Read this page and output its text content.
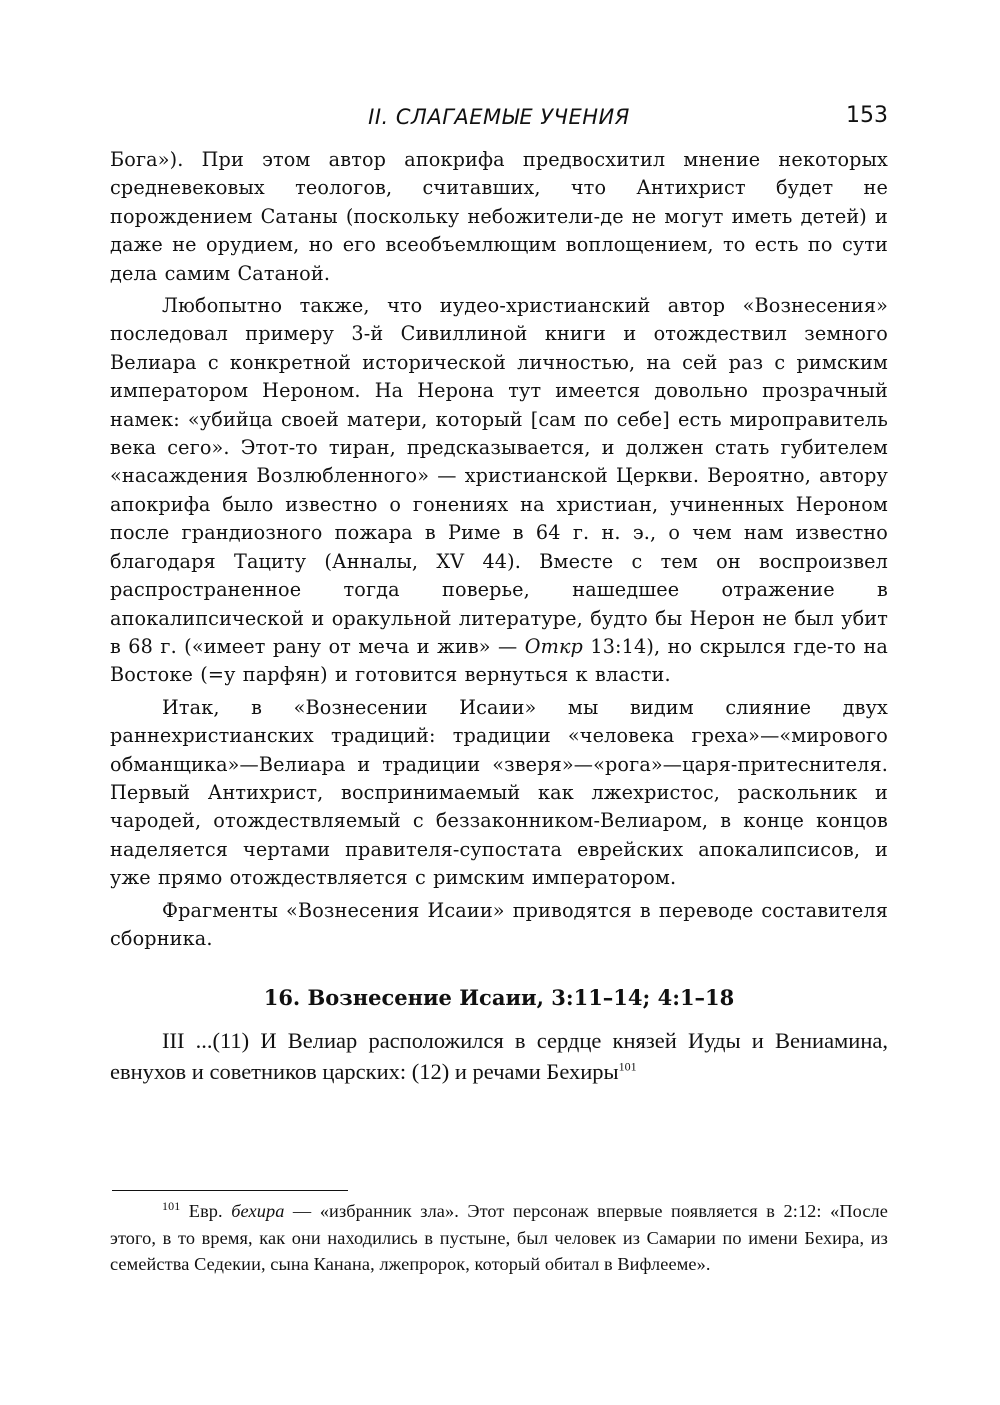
II. СЛАГАЕМЫЕ УЧЕНИЯ	153

Бога»). При этом автор апокрифа предвосхитил мнение некоторых средневековых теологов, считавших, что Антихрист будет не порождением Сатаны (поскольку небожители-де не могут иметь детей) и даже не орудием, но его всеобъемлющим воплощением, то есть по сути дела самим Сатаной.

Любопытно также, что иудео-христианский автор «Вознесения» последовал примеру 3-й Сивиллиной книги и отождествил земного Велиара с конкретной исторической личностью, на сей раз с римским императором Нероном. На Нерона тут имеется довольно прозрачный намек: «убийца своей матери, который [сам по себе] есть мироправитель века сего». Этот-то тиран, предсказывается, и должен стать губителем «насаждения Возлюбленного» — христианской Церкви. Вероятно, автору апокрифа было известно о гонениях на христиан, учиненных Нероном после грандиозного пожара в Риме в 64 г. н. э., о чем нам известно благодаря Тациту (Анналы, XV 44). Вместе с тем он воспроизвел распространенное тогда поверье, нашедшее отражение в апокалипсической и оракульной литературе, будто бы Нерон не был убит в 68 г. («имеет рану от меча и жив» — Откр 13:14), но скрылся где-то на Востоке (=у парфян) и готовится вернуться к власти.

Итак, в «Вознесении Исаии» мы видим слияние двух раннехристианских традиций: традиции «человека греха»—«мирового обманщика»—Велиара и традиции «зверя»—«рога»—царя-притеснителя. Первый Антихрист, воспринимаемый как лжехристос, раскольник и чародей, отождествляемый с беззаконником-Велиаром, в конце концов наделяется чертами правителя-супостата еврейских апокалипсисов, и уже прямо отождествляется с римским императором.

Фрагменты «Вознесения Исаии» приводятся в переводе составителя сборника.

16. Вознесение Исаии, 3:11–14; 4:1–18

III ...(11) И Велиар расположился в сердце князей Иуды и Вениамина, евнухов и советников царских: (12) и речами Бехиры$^{101}$

$^{101}$ Евр. бехира — «избранник зла». Этот персонаж впервые появляется в 2:12: «После этого, в то время, как они находились в пустыне, был человек из Самарии по имени Бехира, из семейства Седекии, сына Канана, лжепророк, который обитал в Вифлееме».
